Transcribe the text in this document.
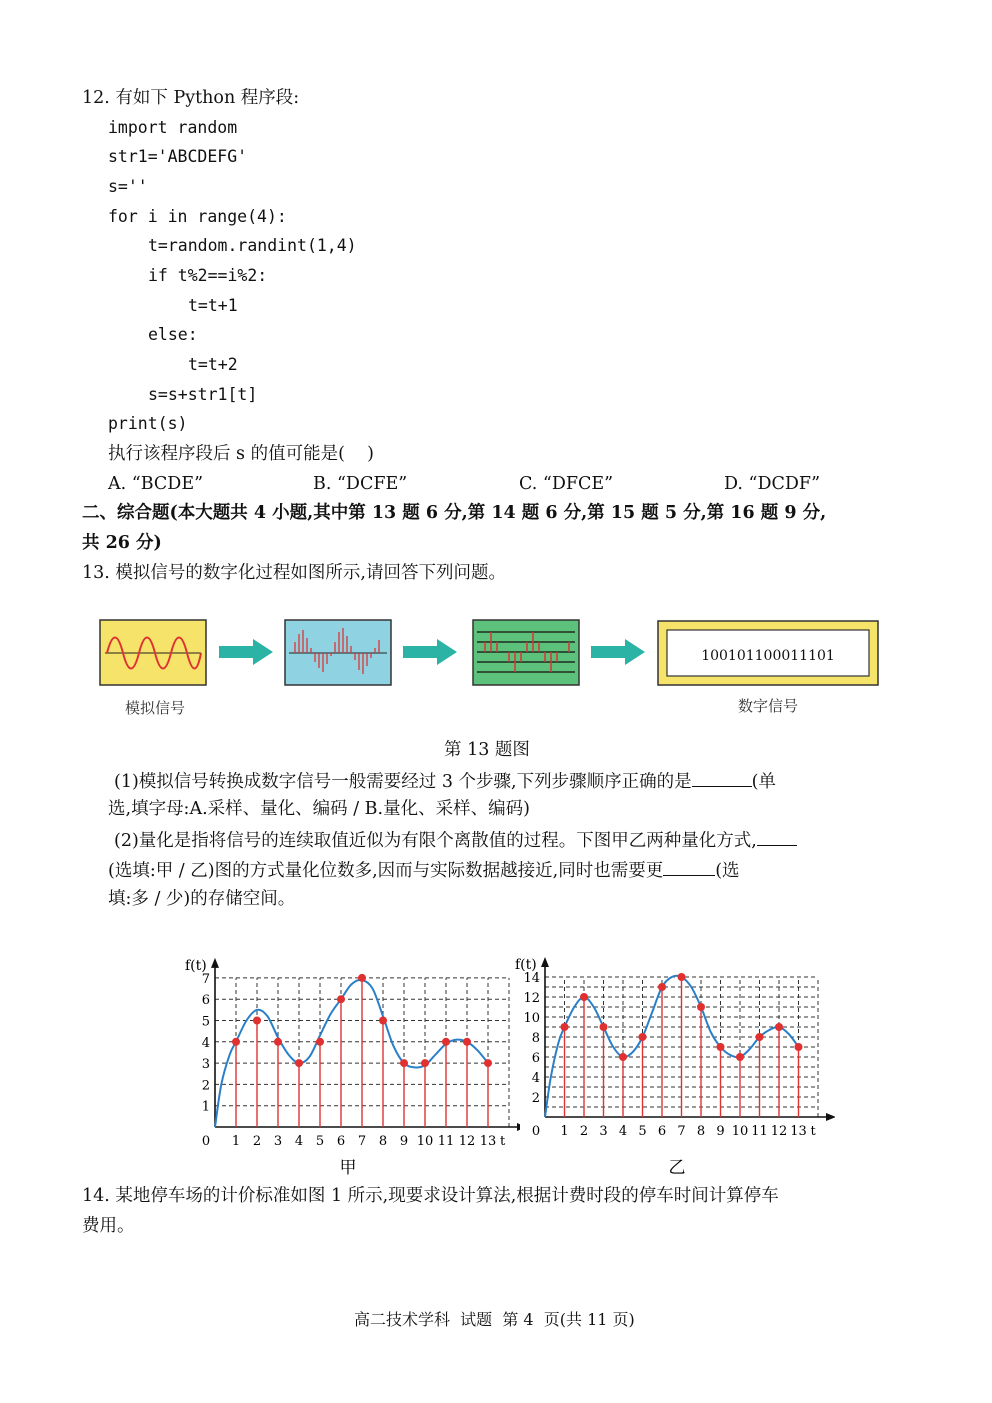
12. 有如下 Python 程序段:
import random
str1='ABCDEFG'
s=''
for i in range(4):
t=random.randint(1,4)
if t%2==i%2:
t=t+1
else:
t=t+2
s=s+str1[t]
print(s)
执行该程序段后 s 的值可能是(    )
A. “BCDE”	B. “DCFE”	C. “DFCE”	D. “DCDF”
二、综合题(本大题共 4 小题,其中第 13 题 6 分,第 14 题 6 分,第 15 题 5 分,第 16 题 9 分,
共 26 分)
13. 模拟信号的数字化过程如图所示,请回答下列问题。
100101100011101
模拟信号	数字信号
第 13 题图
(1)模拟信号转换成数字信号一般需要经过 3 个步骤,下列步骤顺序正确的是	(单
选,填字母:A.采样、量化、编码 / B.量化、采样、编码)
(2)量化是指将信号的连续取值近似为有限个离散值的过程。下图甲乙两种量化方式,
(选填:甲 / 乙)图的方式量化位数多,因而与实际数据越接近,同时也需要更	(选
填:多 / 少)的存储空间。
f(t)
t
0 1 2 3 4 5 6 7 8 9 10 11 12 13
1
2
3
4
5
6
7
甲
f(t)
t
0 1 2 3 4 5 6 7 8 9 10 11 12 13
2
4
6
8
10
12
14
乙
14. 某地停车场的计价标准如图 1 所示,现要求设计算法,根据计费时段的停车时间计算停车
费用。
高二技术学科  试题  第 4  页(共 11 页)
